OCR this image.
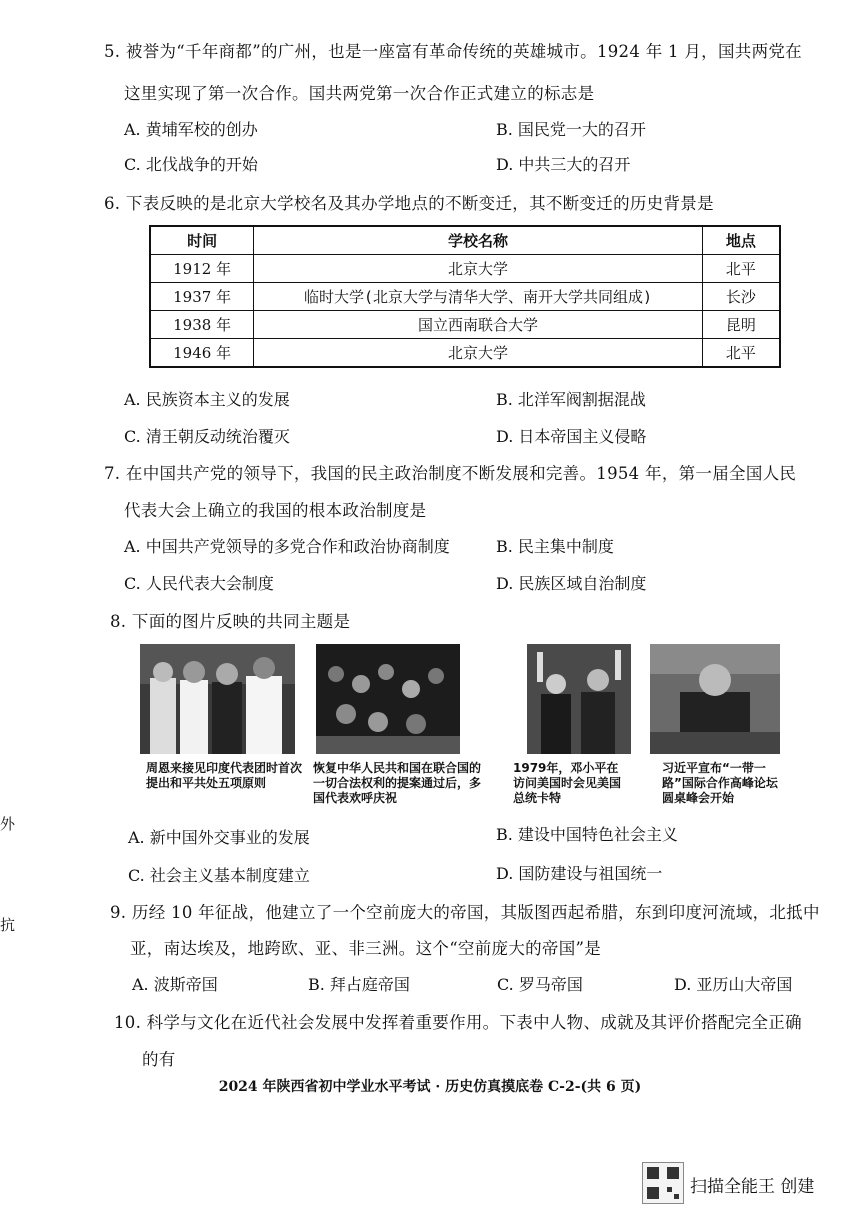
5. 被誉为“千年商都”的广州，也是一座富有革命传统的英雄城市。1924 年 1 月，国共两党在
这里实现了第一次合作。国共两党第一次合作正式建立的标志是
A. 黄埔军校的创办	B. 国民党一大的召开
C. 北伐战争的开始	D. 中共三大的召开
6. 下表反映的是北京大学校名及其办学地点的不断变迁，其不断变迁的历史背景是
时间	学校名称	地点
1912 年	北京大学	北平
1937 年	临时大学(北京大学与清华大学、南开大学共同组成)	长沙
1938 年	国立西南联合大学	昆明
1946 年	北京大学	北平
A. 民族资本主义的发展	B. 北洋军阀割据混战
C. 清王朝反动统治覆灭	D. 日本帝国主义侵略
7. 在中国共产党的领导下，我国的民主政治制度不断发展和完善。1954 年，第一届全国人民
代表大会上确立的我国的根本政治制度是
A. 中国共产党领导的多党合作和政治协商制度	B. 民主集中制度
C. 人民代表大会制度	D. 民族区域自治制度
8. 下面的图片反映的共同主题是
周恩来接见印度代表团时首次提出和平共处五项原则
恢复中华人民共和国在联合国的一切合法权利的提案通过后，多国代表欢呼庆祝
1979年，邓小平在访问美国时会见美国总统卡特
习近平宣布“一带一路”国际合作高峰论坛圆桌峰会开始
A. 新中国外交事业的发展	B. 建设中国特色社会主义
C. 社会主义基本制度建立	D. 国防建设与祖国统一
外
抗
9. 历经 10 年征战，他建立了一个空前庞大的帝国，其版图西起希腊，东到印度河流域，北抵中
亚，南达埃及，地跨欧、亚、非三洲。这个“空前庞大的帝国”是
A. 波斯帝国	B. 拜占庭帝国	C. 罗马帝国	D. 亚历山大帝国
10. 科学与文化在近代社会发展中发挥着重要作用。下表中人物、成就及其评价搭配完全正确
的有
2024 年陕西省初中学业水平考试 · 历史仿真摸底卷 C-2-(共 6 页)
扫描全能王 创建
